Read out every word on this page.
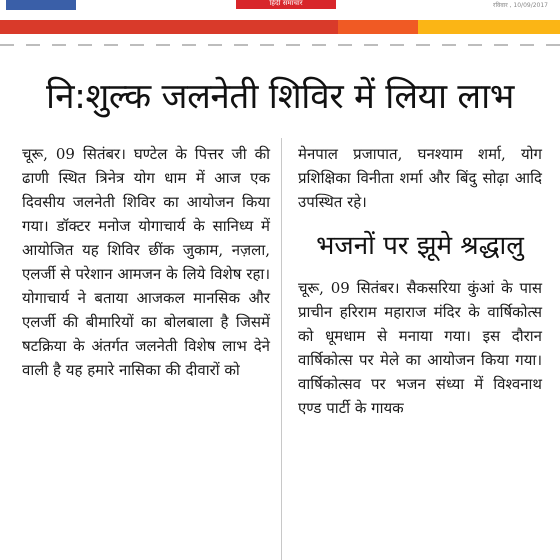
हिंदी समाचार	रविवार , 10/09/2017
नि:शुल्क जलनेती शिविर में लिया लाभ

चूरू, 09 सितंबर। घण्टेल के पित्तर जी की ढाणी स्थित त्रिनेत्र योग धाम में आज एक दिवसीय जलनेती शिविर का आयोजन किया गया। डॉक्टर मनोज योगाचार्य के सानिध्य में आयोजित यह शिविर छींक जुकाम, नज़ला, एलर्जी से परेशान आमजन के लिये विशेष रहा। योगाचार्य ने बताया आजकल मानसिक और एलर्जी की बीमारियों का बोलबाला है जिसमें षटक्रिया के अंतर्गत जलनेती विशेष लाभ देने वाली है यह हमारे नासिका की दीवारों को

मेनपाल प्रजापात, घनश्याम शर्मा, योग प्रशिक्षिका विनीता शर्मा और बिंदु सोढ़ा आदि उपस्थित रहे।

भजनों पर झूमे श्रद्धालु

चूरू, 09 सितंबर। सैकसरिया कुंआं के पास प्राचीन हरिराम महाराज मंदिर के वार्षिकोत्स को धूमधाम से मनाया गया। इस दौरान वार्षिकोत्स पर मेले का आयोजन किया गया। वार्षिकोत्सव पर भजन संध्या में विश्वनाथ एण्ड पार्टी के गायक
